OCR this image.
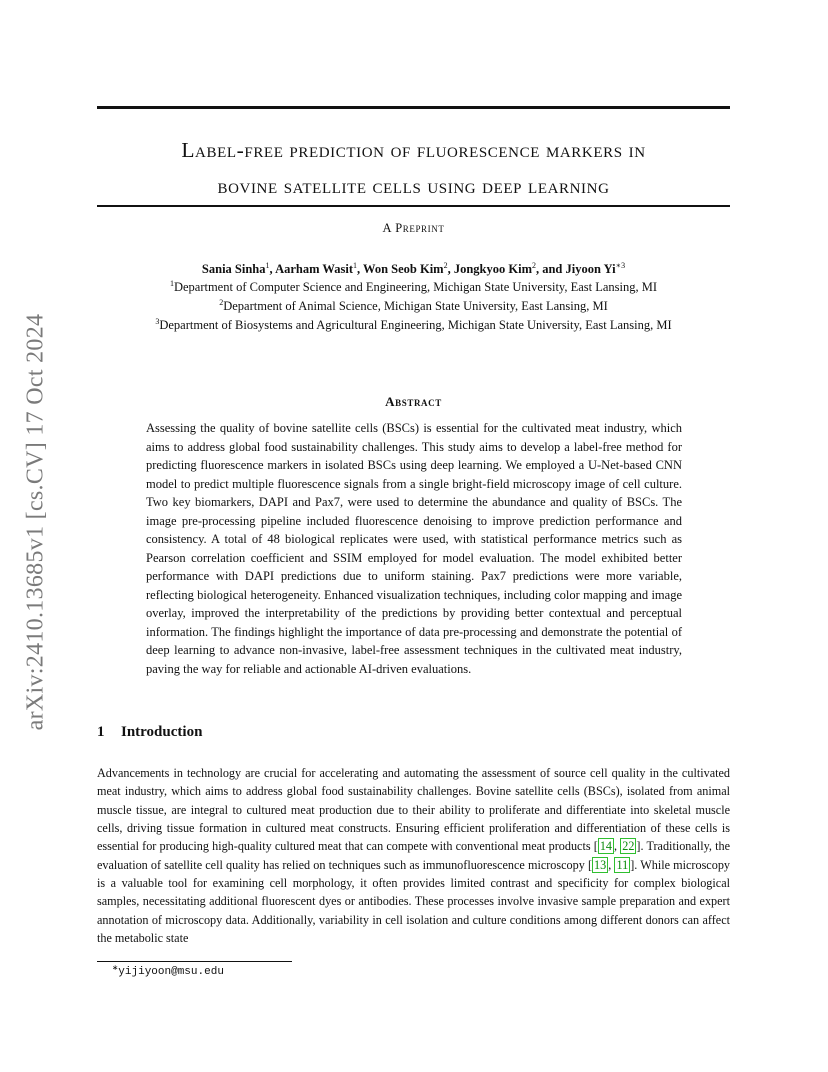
arXiv:2410.13685v1 [cs.CV] 17 Oct 2024
Label-free prediction of fluorescence markers in
bovine satellite cells using deep learning
A Preprint
Sania Sinha$^1$, Aarham Wasit$^1$, Won Seob Kim$^2$, Jongkyoo Kim$^2$, and Jiyoon $Yi^{∗3}$
$^1$Department of Computer Science and Engineering, Michigan State University, East Lansing, MI
$^2$Department of Animal Science, Michigan State University, East Lansing, MI
$^3$Department of Biosystems and Agricultural Engineering, Michigan State University, East Lansing, MI
Abstract
Assessing the quality of bovine satellite cells (BSCs) is essential for the cultivated meat industry, which aims to address global food sustainability challenges. This study aims to develop a label-free method for predicting fluorescence markers in isolated BSCs using deep learning. We employed a U-Net-based CNN model to predict multiple fluorescence signals from a single bright-field microscopy image of cell culture. Two key biomarkers, DAPI and Pax7, were used to determine the abundance and quality of BSCs. The image pre-processing pipeline included fluorescence denoising to improve prediction performance and consistency. A total of 48 biological replicates were used, with statistical performance metrics such as Pearson correlation coefficient and SSIM employed for model evaluation. The model exhibited better performance with DAPI predictions due to uniform staining. Pax7 predictions were more variable, reflecting biological heterogeneity. Enhanced visualization techniques, including color mapping and image overlay, improved the interpretability of the predictions by providing better contextual and perceptual information. The findings highlight the importance of data pre-processing and demonstrate the potential of deep learning to advance non-invasive, label-free assessment techniques in the cultivated meat industry, paving the way for reliable and actionable AI-driven evaluations.
1 Introduction
Advancements in technology are crucial for accelerating and automating the assessment of source cell quality in the cultivated meat industry, which aims to address global food sustainability challenges. Bovine satellite cells (BSCs), isolated from animal muscle tissue, are integral to cultured meat production due to their ability to proliferate and differentiate into skeletal muscle cells, driving tissue formation in cultured meat constructs. Ensuring efficient proliferation and differentiation of these cells is essential for producing high-quality cultured meat that can compete with conventional meat products [ 14 , 22 ]. Traditionally, the evaluation of satellite cell quality has relied on techniques such as immunofluorescence microscopy [ 13 , 11 ]. While microscopy is a valuable tool for examining cell morphology, it often provides limited contrast and specificity for complex biological samples, necessitating additional fluorescent dyes or antibodies. These processes involve invasive sample preparation and expert annotation of microscopy data. Additionally, variability in cell isolation and culture conditions among different donors can affect the metabolic state
∗yijiyoon@msu.edu
